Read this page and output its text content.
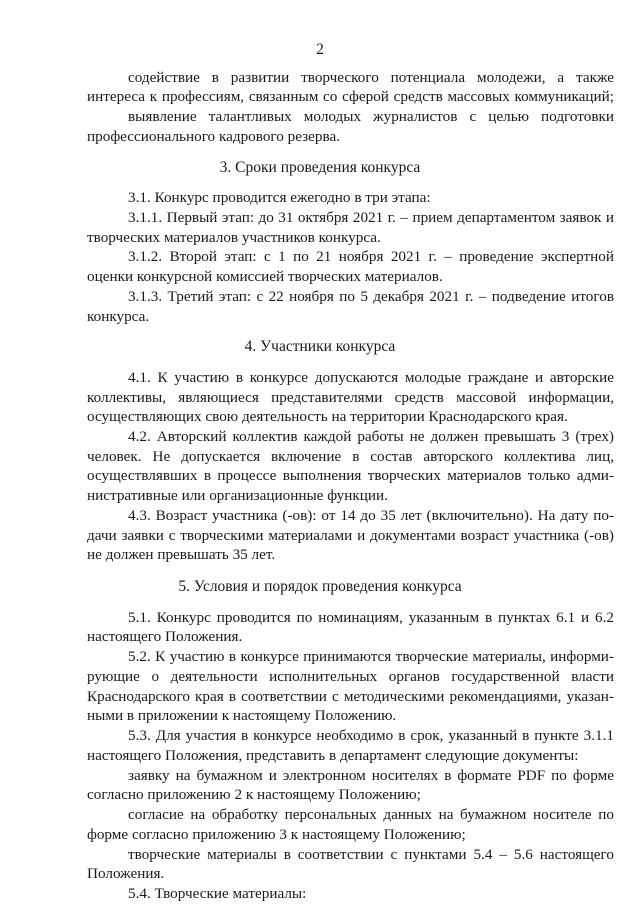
2
содействие в развитии творческого потенциала молодежи, а также
интереса к профессиям, связанным со сферой средств массовых коммуникаций;
выявление талантливых молодых журналистов с целью подготовки
профессионального кадрового резерва.
3. Сроки проведения конкурса
3.1. Конкурс проводится ежегодно в три этапа:
3.1.1. Первый этап: до 31 октября 2021 г. – прием департаментом заявок и
творческих материалов участников конкурса.
3.1.2. Второй этап: с 1 по 21 ноября 2021 г. – проведение экспертной
оценки конкурсной комиссией творческих материалов.
3.1.3. Третий этап: с 22 ноября по 5 декабря 2021 г. – подведение итогов
конкурса.
4. Участники конкурса
4.1. К участию в конкурсе допускаются молодые граждане и авторские
коллективы, являющиеся представителями средств массовой информации,
осуществляющих свою деятельность на территории Краснодарского края.
4.2. Авторский коллектив каждой работы не должен превышать 3 (трех)
человек. Не допускается включение в состав авторского коллектива лиц,
осуществлявших в процессе выполнения творческих материалов только адми-
нистративные или организационные функции.
4.3. Возраст участника (-ов): от 14 до 35 лет (включительно). На дату по-
дачи заявки с творческими материалами и документами возраст участника (-ов)
не должен превышать 35 лет.
5. Условия и порядок проведения конкурса
5.1. Конкурс проводится по номинациям, указанным в пунктах 6.1 и 6.2
настоящего Положения.
5.2. К участию в конкурсе принимаются творческие материалы, информи-
рующие о деятельности исполнительных органов государственной власти
Краснодарского края в соответствии с методическими рекомендациями, указан-
ными в приложении к настоящему Положению.
5.3. Для участия в конкурсе необходимо в срок, указанный в пункте 3.1.1
настоящего Положения, представить в департамент следующие документы:
заявку на бумажном и электронном носителях в формате PDF по форме
согласно приложению 2 к настоящему Положению;
согласие на обработку персональных данных на бумажном носителе по
форме согласно приложению 3 к настоящему Положению;
творческие материалы в соответствии с пунктами 5.4 – 5.6 настоящего
Положения.
5.4. Творческие материалы:
